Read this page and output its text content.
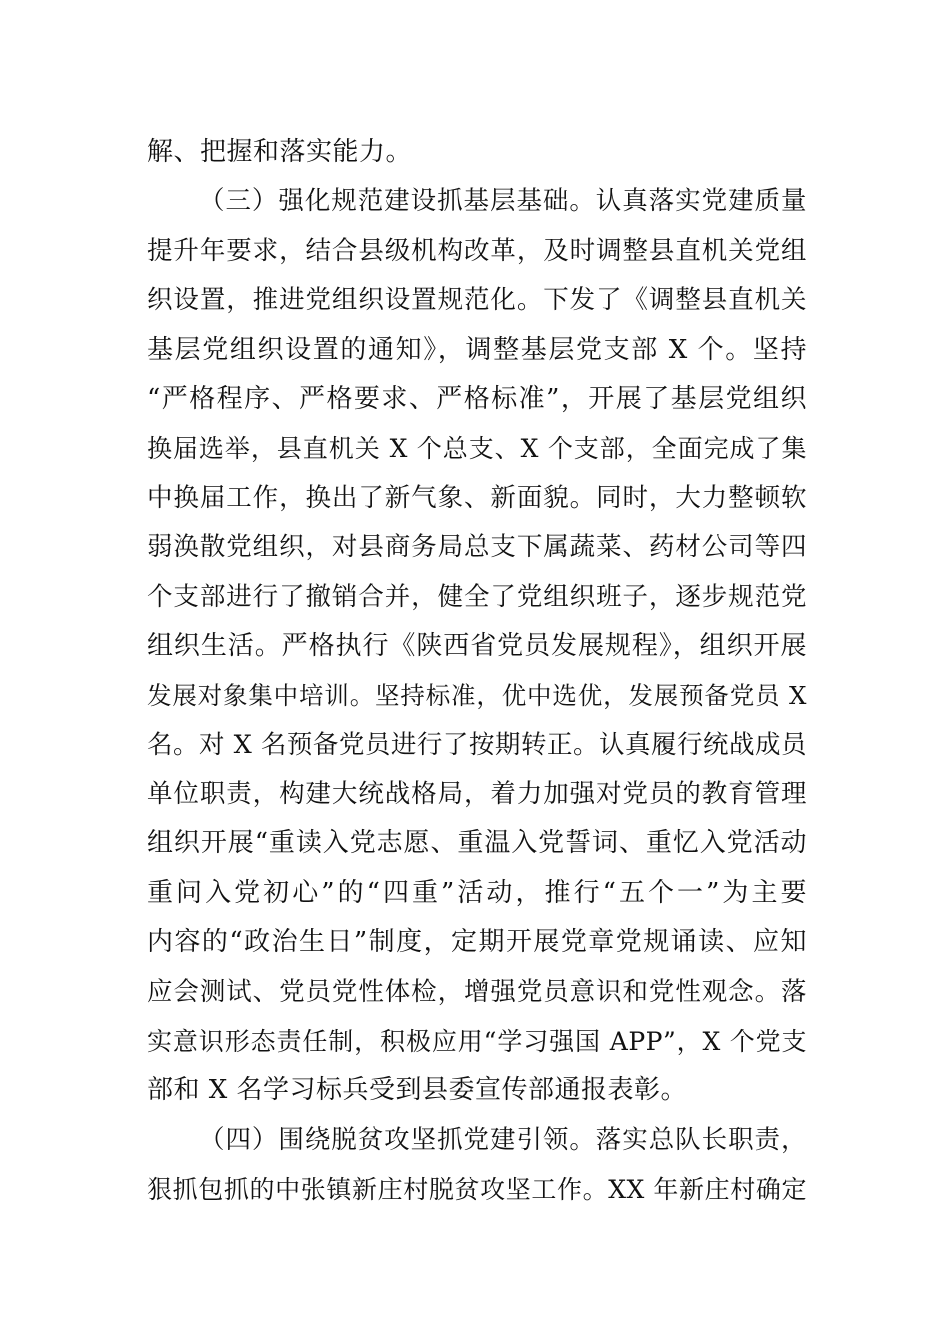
解、把握和落实能力。
（三）强化规范建设抓基层基础。认真落实党建质量
提升年要求，结合县级机构改革，及时调整县直机关党组
织设置，推进党组织设置规范化。下发了《调整县直机关
基层党组织设置的通知》，调整基层党支部 X 个。坚持
“严格程序、严格要求、严格标准”，开展了基层党组织
换届选举，县直机关 X 个总支、X 个支部，全面完成了集
中换届工作，换出了新气象、新面貌。同时，大力整顿软
弱涣散党组织，对县商务局总支下属蔬菜、药材公司等四
个支部进行了撤销合并，健全了党组织班子，逐步规范党
组织生活。严格执行《陕西省党员发展规程》，组织开展
发展对象集中培训。坚持标准，优中选优，发展预备党员 X
名。对 X 名预备党员进行了按期转正。认真履行统战成员
单位职责，构建大统战格局，着力加强对党员的教育管理
组织开展“重读入党志愿、重温入党誓词、重忆入党活动
重问入党初心”的“四重”活动，推行“五个一”为主要
内容的“政治生日”制度，定期开展党章党规诵读、应知
应会测试、党员党性体检，增强党员意识和党性观念。落
实意识形态责任制，积极应用“学习强国 APP”，X 个党支
部和 X 名学习标兵受到县委宣传部通报表彰。
（四）围绕脱贫攻坚抓党建引领。落实总队长职责，
狠抓包抓的中张镇新庄村脱贫攻坚工作。XX 年新庄村确定
